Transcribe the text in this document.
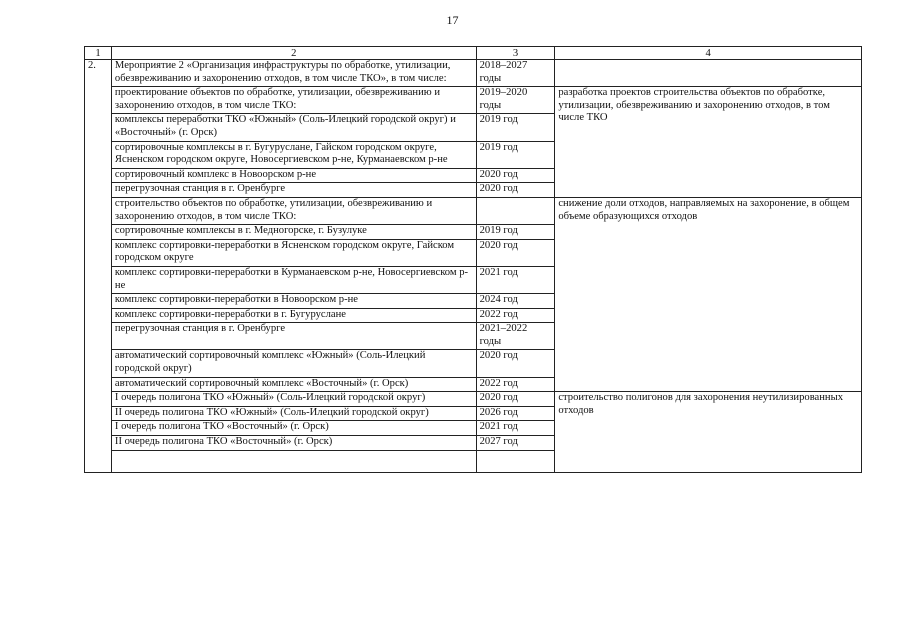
17
1	2	3	4
2.	Мероприятие 2 «Организация инфраструктуры по обработке, утилизации, обезвреживанию и захоронению отходов, в том числе ТКО», в том числе:	2018–2027 годы	
	проектирование объектов по обработке, утилизации, обезвреживанию и захоронению отходов, в том числе ТКО:	2019–2020 годы	разработка проектов строительства объектов по обработке, утилизации, обезвреживанию и захоронению отходов, в том числе ТКО
	комплексы переработки ТКО «Южный» (Соль-Илецкий городской округ) и «Восточный» (г. Орск)	2019 год	
	сортировочные комплексы в г. Бугуруслане, Гайском городском округе, Ясненском городском округе, Новосергиевском р-не, Курманаевском р-не	2019 год	
	сортировочный комплекс в Новоорском р-не	2020 год	
	перегрузочная станция в г. Оренбурге	2020 год	
	строительство объектов по обработке, утилизации, обезвреживанию и захоронению отходов, в том числе ТКО:		снижение доли отходов, направляемых на захоронение, в общем объеме образующихся отходов
	сортировочные комплексы в г. Медногорске, г. Бузулуке	2019 год	
	комплекс сортировки-переработки в Ясненском городском округе, Гайском городском округе	2020 год	
	комплекс сортировки-переработки в Курманаевском р-не, Новосергиевском р-не	2021 год	
	комплекс сортировки-переработки в Новоорском р-не	2024 год	
	комплекс сортировки-переработки в г. Бугуруслане	2022 год	
	перегрузочная станция в г. Оренбурге	2021–2022 годы	
	автоматический сортировочный комплекс «Южный» (Соль-Илецкий городской округ)	2020 год	
	автоматический сортировочный комплекс «Восточный» (г. Орск)	2022 год	
	I очередь полигона ТКО «Южный» (Соль-Илецкий городской округ)	2020 год	строительство полигонов для захоронения неутилизированных отходов
	II очередь полигона ТКО «Южный» (Соль-Илецкий городской округ)	2026 год	
	I очередь полигона ТКО «Восточный» (г. Орск)	2021 год	
	II очередь полигона ТКО «Восточный» (г. Орск)	2027 год	
